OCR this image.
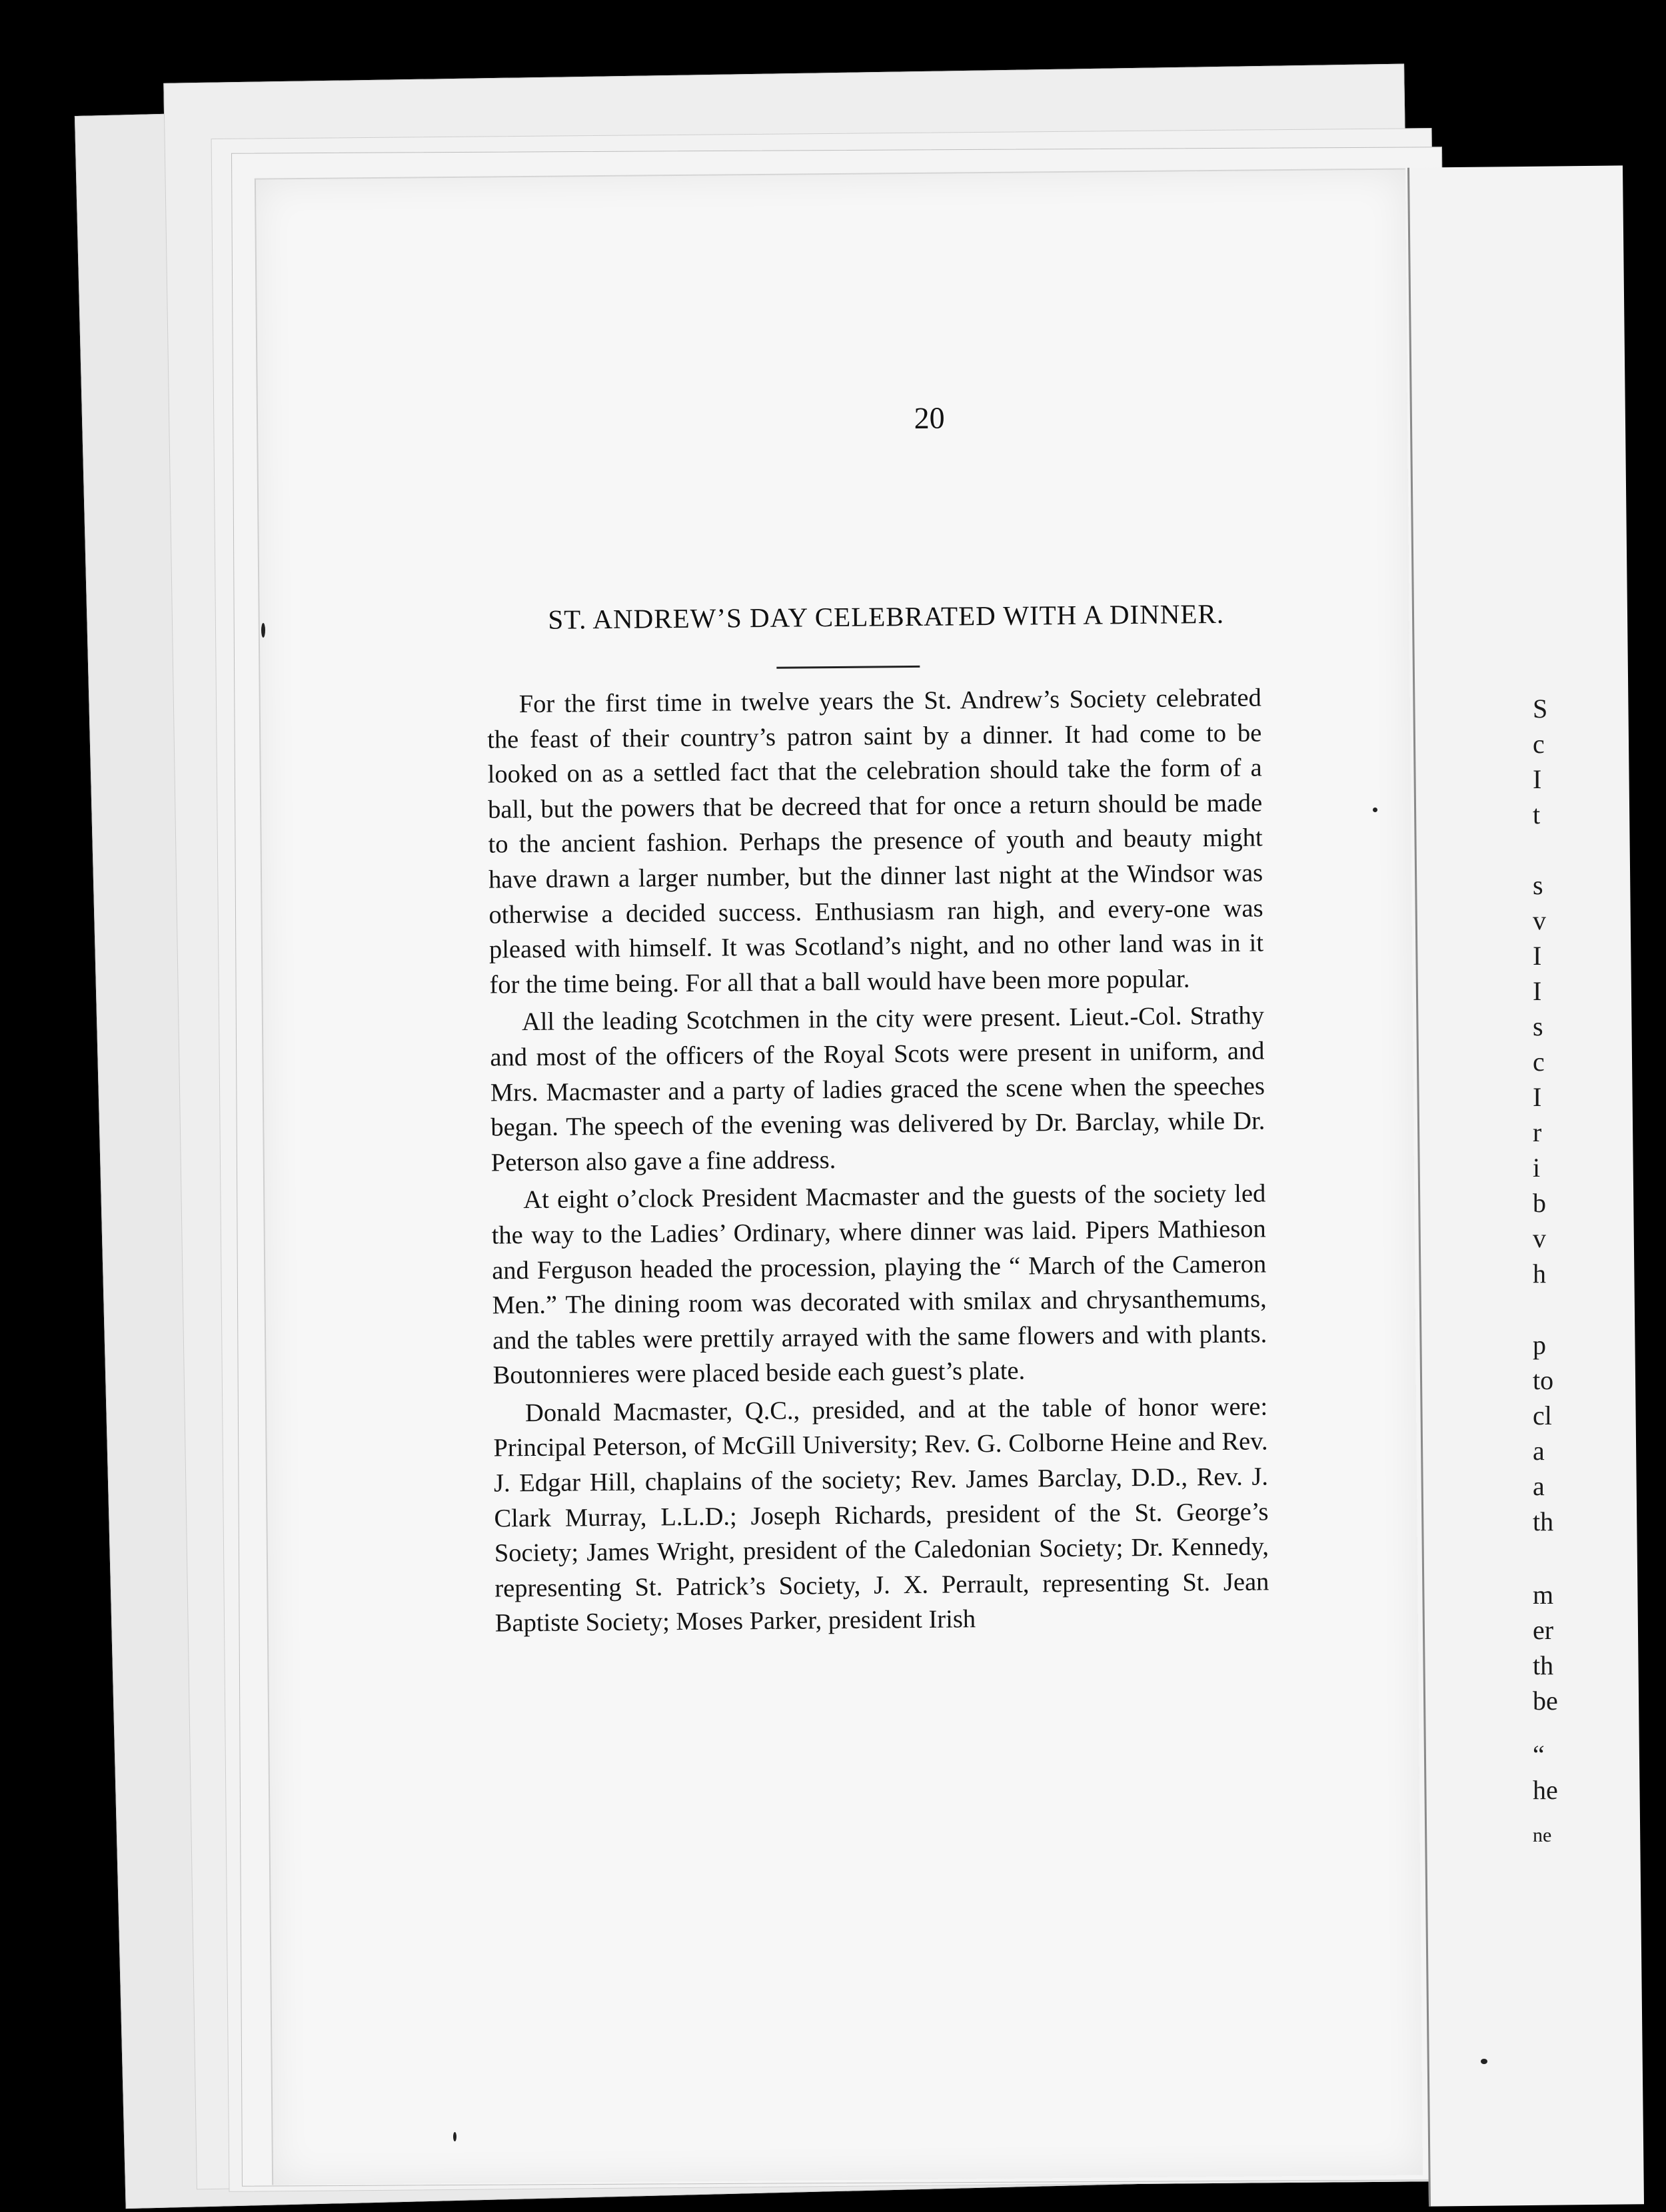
S
c
I
t
s
v
I
I
s
c
I
r
i
b
v
h
p
to
cl
a
a
th
m
er
th
be
“
he
ne
20
ST. ANDREW’S DAY CELEBRATED WITH A DINNER.

For the first time in twelve years the St. Andrew’s Society celebrated the feast of their country’s patron saint by a dinner. It had come to be looked on as a settled fact that the celebration should take the form of a ball, but the powers that be decreed that for once a return should be made to the ancient fashion. Perhaps the presence of youth and beauty might have drawn a larger number, but the dinner last night at the Windsor was otherwise a decided success. Enthusiasm ran high, and every-one was pleased with himself. It was Scotland’s night, and no other land was in it for the time being. For all that a ball would have been more popular.

All the leading Scotchmen in the city were present. Lieut.-Col. Strathy and most of the officers of the Royal Scots were present in uniform, and Mrs. Macmaster and a party of ladies graced the scene when the speeches began. The speech of the evening was delivered by Dr. Barclay, while Dr. Peterson also gave a fine address.

At eight o’clock President Macmaster and the guests of the society led the way to the Ladies’ Ordinary, where dinner was laid. Pipers Mathieson and Ferguson headed the procession, playing the “ March of the Cameron Men.” The dining room was decorated with smilax and chrysanthemums, and the tables were prettily arrayed with the same flowers and with plants. Boutonnieres were placed beside each guest’s plate.

Donald Macmaster, Q.C., presided, and at the table of honor were: Principal Peterson, of McGill University; Rev. G. Colborne Heine and Rev. J. Edgar Hill, chaplains of the society; Rev. James Barclay, D.D., Rev. J. Clark Murray, L.L.D.; Joseph Richards, president of the St. George’s Society; James Wright, president of the Caledonian Society; Dr. Kennedy, representing St. Patrick’s Society, J. X. Perrault, representing St. Jean Baptiste Society; Moses Parker, president Irish
